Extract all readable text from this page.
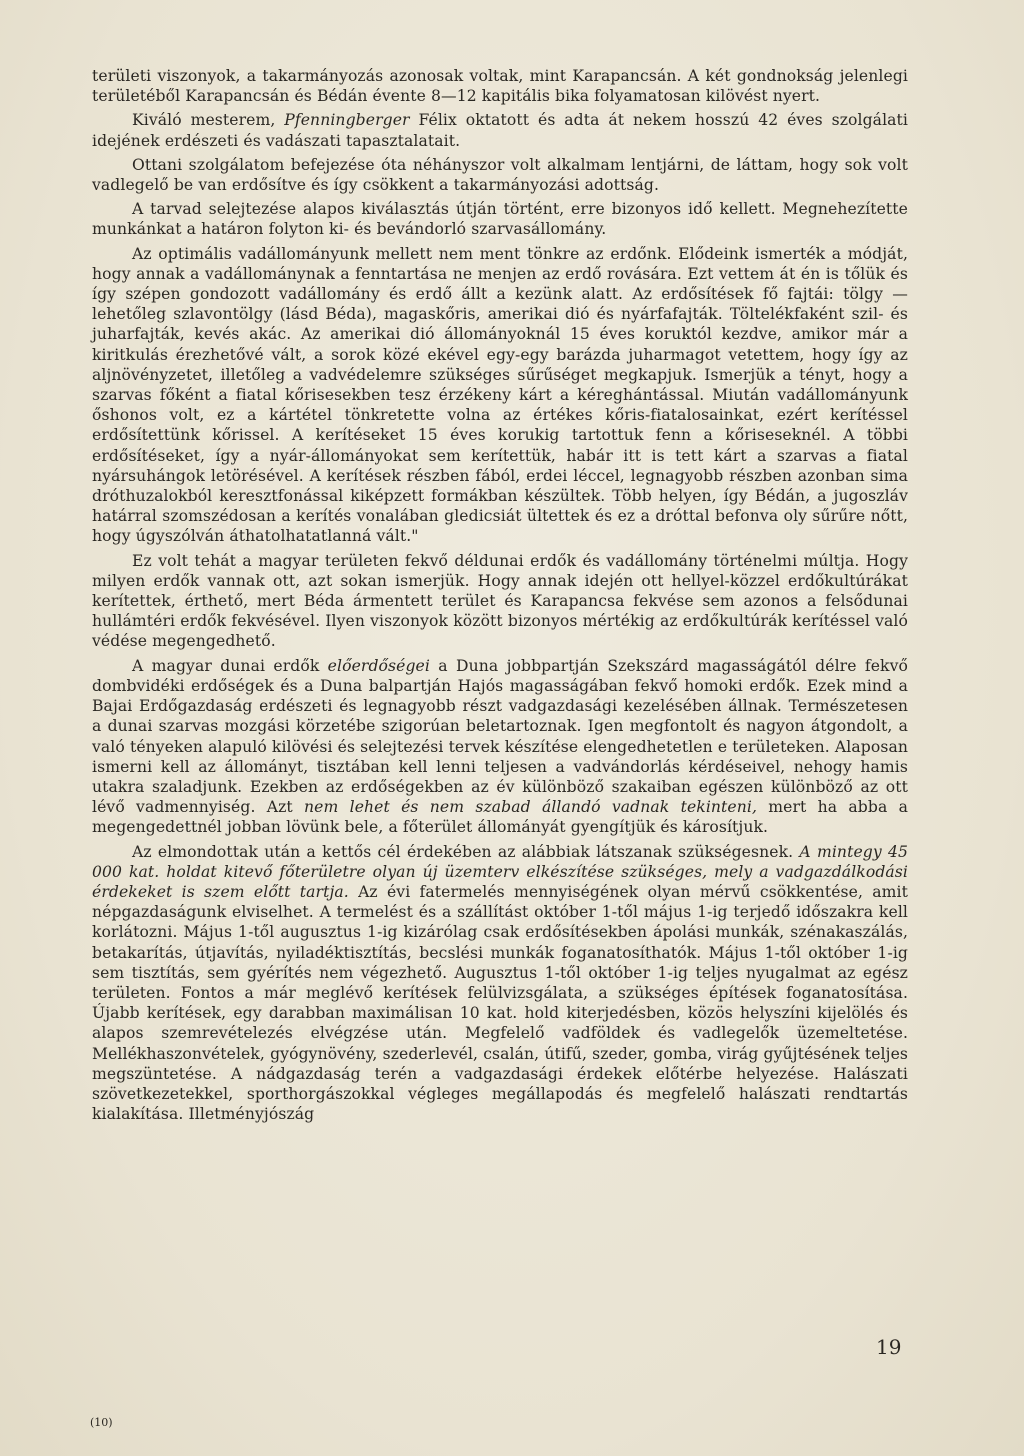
területi viszonyok, a takarmányozás azonosak voltak, mint Karapancsán. A két gondnokság jelenlegi területéből Karapancsán és Bédán évente 8—12 kapitális bika folyamatosan kilövést nyert.

Kiváló mesterem, Pfenningberger Félix oktatott és adta át nekem hosszú 42 éves szolgálati idejének erdészeti és vadászati tapasztalatait.

Ottani szolgálatom befejezése óta néhányszor volt alkalmam lentjárni, de láttam, hogy sok volt vadlegelő be van erdősítve és így csökkent a takarmányozási adottság.

A tarvad selejtezése alapos kiválasztás útján történt, erre bizonyos idő kellett. Megnehezítette munkánkat a határon folyton ki- és bevándorló szarvasállomány.

Az optimális vadállományunk mellett nem ment tönkre az erdőnk. Elődeink ismerték a módját, hogy annak a vadállománynak a fenntartása ne menjen az erdő rovására. Ezt vettem át én is tőlük és így szépen gondozott vadállomány és erdő állt a kezünk alatt. Az erdősítések fő fajtái: tölgy — lehetőleg szlavontölgy (lásd Béda), magaskőris, amerikai dió és nyárfafajták. Töltelékfaként szil- és juharfajták, kevés akác. Az amerikai dió állományoknál 15 éves koruktól kezdve, amikor már a kiritkulás érezhetővé vált, a sorok közé ekével egy-egy barázda juharmagot vetettem, hogy így az aljnövényzetet, illetőleg a vadvédelemre szükséges sűrűséget megkapjuk. Ismerjük a tényt, hogy a szarvas főként a fiatal kőrisesekben tesz érzékeny kárt a kéreghántással. Miután vadállományunk őshonos volt, ez a kártétel tönkretette volna az értékes kőris-fiatalosainkat, ezért kerítéssel erdősítettünk kőrissel. A kerítéseket 15 éves korukig tartottuk fenn a kőriseseknél. A többi erdősítéseket, így a nyár-állományokat sem kerítettük, habár itt is tett kárt a szarvas a fiatal nyársuhángok letörésével. A kerítések részben fából, erdei léccel, legnagyobb részben azonban sima dróthuzalokból keresztfonással kiképzett formákban készültek. Több helyen, így Bédán, a jugoszláv határral szomszédosan a kerítés vonalában gledicsiát ültettek és ez a dróttal befonva oly sűrűre nőtt, hogy úgyszólván áthatolhatatlanná vált."

Ez volt tehát a magyar területen fekvő déldunai erdők és vadállomány történelmi múltja. Hogy milyen erdők vannak ott, azt sokan ismerjük. Hogy annak idején ott hellyel-közzel erdőkultúrákat kerítettek, érthető, mert Béda ármentett terület és Karapancsa fekvése sem azonos a felsődunai hullámtéri erdők fekvésével. Ilyen viszonyok között bizonyos mértékig az erdőkultúrák kerítéssel való védése megengedhető.

A magyar dunai erdők előerdőségei a Duna jobbpartján Szekszárd magasságától délre fekvő dombvidéki erdőségek és a Duna balpartján Hajós magasságában fekvő homoki erdők. Ezek mind a Bajai Erdőgazdaság erdészeti és legnagyobb részt vadgazdasági kezelésében állnak. Természetesen a dunai szarvas mozgási körzetébe szigorúan beletartoznak. Igen megfontolt és nagyon átgondolt, a való tényeken alapuló kilövési és selejtezési tervek készítése elengedhetetlen e területeken. Alaposan ismerni kell az állományt, tisztában kell lenni teljesen a vadvándorlás kérdéseivel, nehogy hamis utakra szaladjunk. Ezekben az erdőségekben az év különböző szakaiban egészen különböző az ott lévő vadmennyiség. Azt nem lehet és nem szabad állandó vadnak tekinteni, mert ha abba a megengedettnél jobban lövünk bele, a főterület állományát gyengítjük és károsítjuk.

Az elmondottak után a kettős cél érdekében az alábbiak látszanak szükségesnek. A mintegy 45 000 kat. holdat kitevő főterületre olyan új üzemterv elkészítése szükséges, mely a vadgazdálkodási érdekeket is szem előtt tartja. Az évi fatermelés mennyiségének olyan mérvű csökkentése, amit népgazdaságunk elviselhet. A termelést és a szállítást október 1-től május 1-ig terjedő időszakra kell korlátozni. Május 1-től augusztus 1-ig kizárólag csak erdősítésekben ápolási munkák, szénakaszálás, betakarítás, útjavítás, nyiladéktisztítás, becslési munkák foganatosíthatók. Május 1-től október 1-ig sem tisztítás, sem gyérítés nem végezhető. Augusztus 1-től október 1-ig teljes nyugalmat az egész területen. Fontos a már meglévő kerítések felülvizsgálata, a szükséges építések foganatosítása. Újabb kerítések, egy darabban maximálisan 10 kat. hold kiterjedésben, közös helyszíni kijelölés és alapos szemrevételezés elvégzése után. Megfelelő vadföldek és vadlegelők üzemeltetése. Mellékhaszonvételek, gyógynövény, szederlevél, csalán, útifű, szeder, gomba, virág gyűjtésének teljes megszüntetése. A nádgazdaság terén a vadgazdasági érdekek előtérbe helyezése. Halászati szövetkezetekkel, sporthorgászokkal végleges megállapodás és megfelelő halászati rendtartás kialakítása. Illetményjószág

19
(10)
